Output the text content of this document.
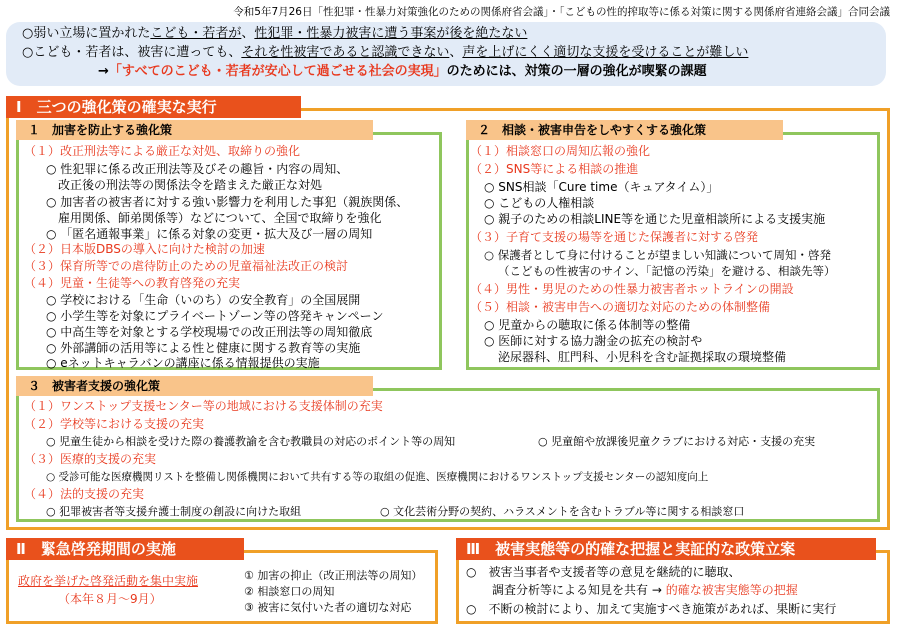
令和5年7月26日「性犯罪・性暴力対策強化のための関係府省会議」・「こどもの性的搾取等に係る対策に関する関係府省連絡会議」合同会議
○弱い立場に置かれたこども・若者が、性犯罪・性暴力被害に遭う事案が後を絶たない
○こども・若者は、被害に遭っても、それを性被害であると認識できない、声を上げにくく適切な支援を受けることが難しい
→「すべてのこども・若者が安心して過ごせる社会の実現」のためには、対策の一層の強化が喫緊の課題
Ⅰ　三つの強化策の確実な実行
１　加害を防止する強化策
（１）改正刑法等による厳正な対処、取締りの強化
○ 性犯罪に係る改正刑法等及びその趣旨・内容の周知、
改正後の刑法等の関係法令を踏まえた厳正な対処
○ 加害者の被害者に対する強い影響力を利用した事犯（親族関係、
雇用関係、師弟関係等）などについて、全国で取締りを強化
○ 「匿名通報事業」に係る対象の変更・拡大及び一層の周知
（２）日本版DBSの導入に向けた検討の加速
（３）保育所等での虐待防止のための児童福祉法改正の検討
（４）児童・生徒等への教育啓発の充実
○ 学校における「生命（いのち）の安全教育」の全国展開
○ 小学生等を対象にプライベートゾーン等の啓発キャンペーン
○ 中高生等を対象とする学校現場での改正刑法等の周知徹底
○ 外部講師の活用等による性と健康に関する教育等の実施
○ eネットキャラバンの講座に係る情報提供の実施
２　相談・被害申告をしやすくする強化策
（１）相談窓口の周知広報の強化
（２）SNS等による相談の推進
○ SNS相談「Cure time（キュアタイム）」
○ こどもの人権相談
○ 親子のための相談LINE等を通じた児童相談所による支援実施
（３）子育て支援の場等を通じた保護者に対する啓発
○ 保護者として身に付けることが望ましい知識について周知・啓発
（こどもの性被害のサイン、「記憶の汚染」を避ける、相談先等）
（４）男性・男児のための性暴力被害者ホットラインの開設
（５）相談・被害申告への適切な対応のための体制整備
○ 児童からの聴取に係る体制等の整備
○ 医師に対する協力謝金の拡充の検討や
泌尿器科、肛門科、小児科を含む証拠採取の環境整備
３　被害者支援の強化策
（１）ワンストップ支援センター等の地域における支援体制の充実
（２）学校等における支援の充実
○ 児童生徒から相談を受けた際の養護教諭を含む教職員の対応のポイント等の周知	○ 児童館や放課後児童クラブにおける対応・支援の充実
（３）医療的支援の充実
○ 受診可能な医療機関リストを整備し関係機関において共有する等の取組の促進、医療機関におけるワンストップ支援センターの認知度向上
（４）法的支援の充実
○ 犯罪被害者等支援弁護士制度の創設に向けた取組	○ 文化芸術分野の契約、ハラスメントを含むトラブル等に関する相談窓口
Ⅱ　緊急啓発期間の実施
政府を挙げた啓発活動を集中実施
（本年８月～9月）
① 加害の抑止（改正刑法等の周知）
② 相談窓口の周知
③ 被害に気付いた者の適切な対応
Ⅲ　被害実態等の的確な把握と実証的な政策立案
○　被害当事者や支援者等の意見を継続的に聴取、
調査分析等による知見を共有 → 的確な被害実態等の把握
○　不断の検討により、加えて実施すべき施策があれば、果断に実行
